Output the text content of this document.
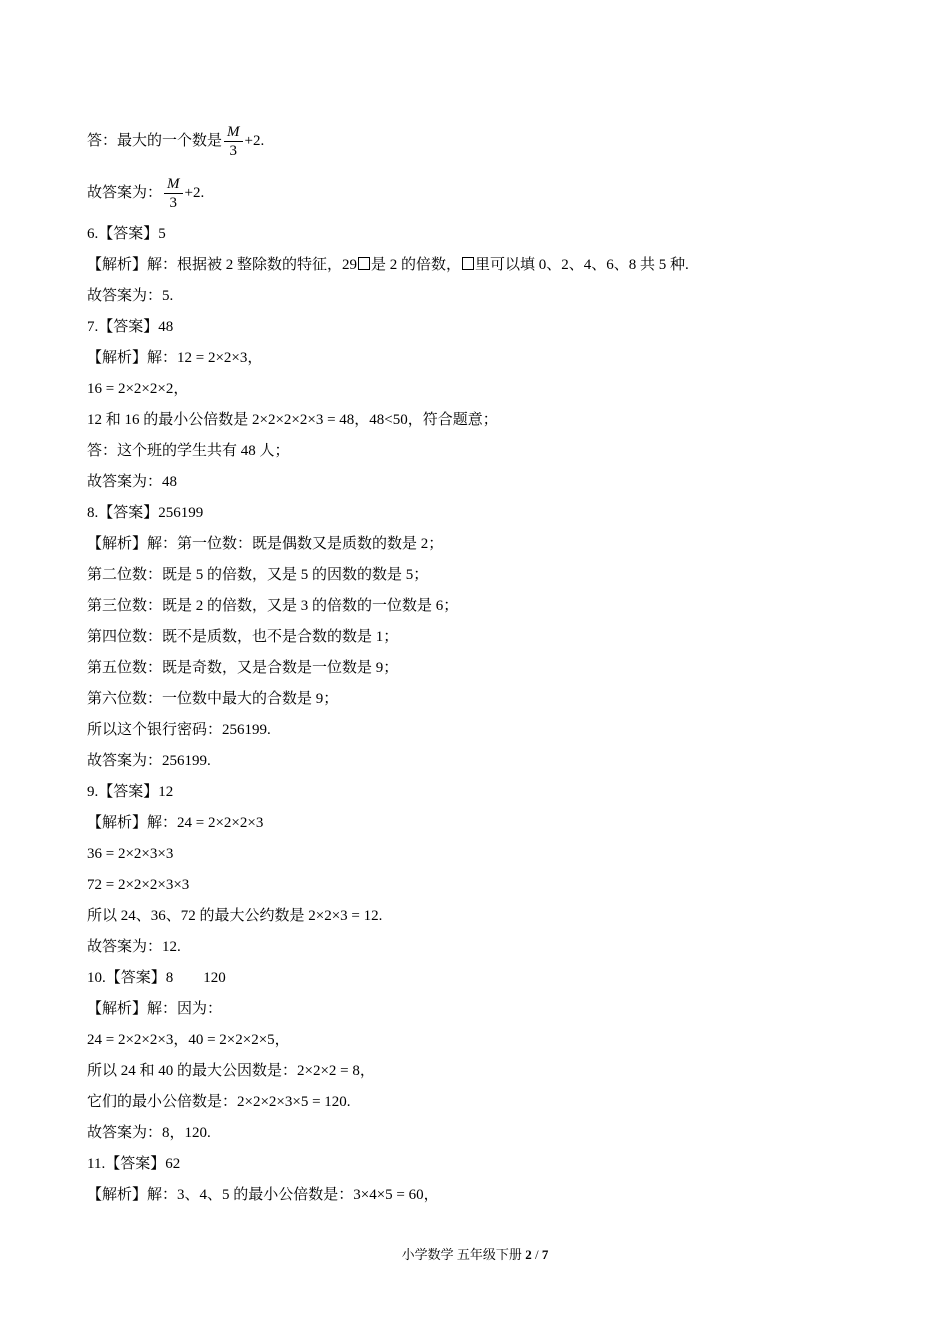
答：最大的一个数是 $\frac{M}{3} +2$.
故答案为： $\frac{M}{3} +2$.
6.【答案】5
【解析】解：根据被 2 整除数的特征，29 是 2 的倍数， 里可以填 0、2、4、6、8 共 5 种.
故答案为：5.
7.【答案】48
【解析】解：12 = 2×2×3，
16 = 2×2×2×2，
12 和 16 的最小公倍数是 2×2×2×2×3 = 48，48<50，符合题意；
答：这个班的学生共有 48 人；
故答案为：48
8.【答案】256199
【解析】解：第一位数：既是偶数又是质数的数是 2；
第二位数：既是 5 的倍数，又是 5 的因数的数是 5；
第三位数：既是 2 的倍数，又是 3 的倍数的一位数是 6；
第四位数：既不是质数，也不是合数的数是 1；
第五位数：既是奇数，又是合数是一位数是 9；
第六位数：一位数中最大的合数是 9；
所以这个银行密码：256199.
故答案为：256199.
9.【答案】12
【解析】解：24 = 2×2×2×3
36 = 2×2×3×3
72 = 2×2×2×3×3
所以 24、36、72 的最大公约数是 2×2×3 = 12.
故答案为：12.
10.【答案】8　　120
【解析】解：因为：
24 = 2×2×2×3，40 = 2×2×2×5，
所以 24 和 40 的最大公因数是：2×2×2 = 8，
它们的最小公倍数是：2×2×2×3×5 = 120.
故答案为：8，120.
11.【答案】62
【解析】解：3、4、5 的最小公倍数是：3×4×5 = 60，
小学数学 五年级下册 2 / 7
